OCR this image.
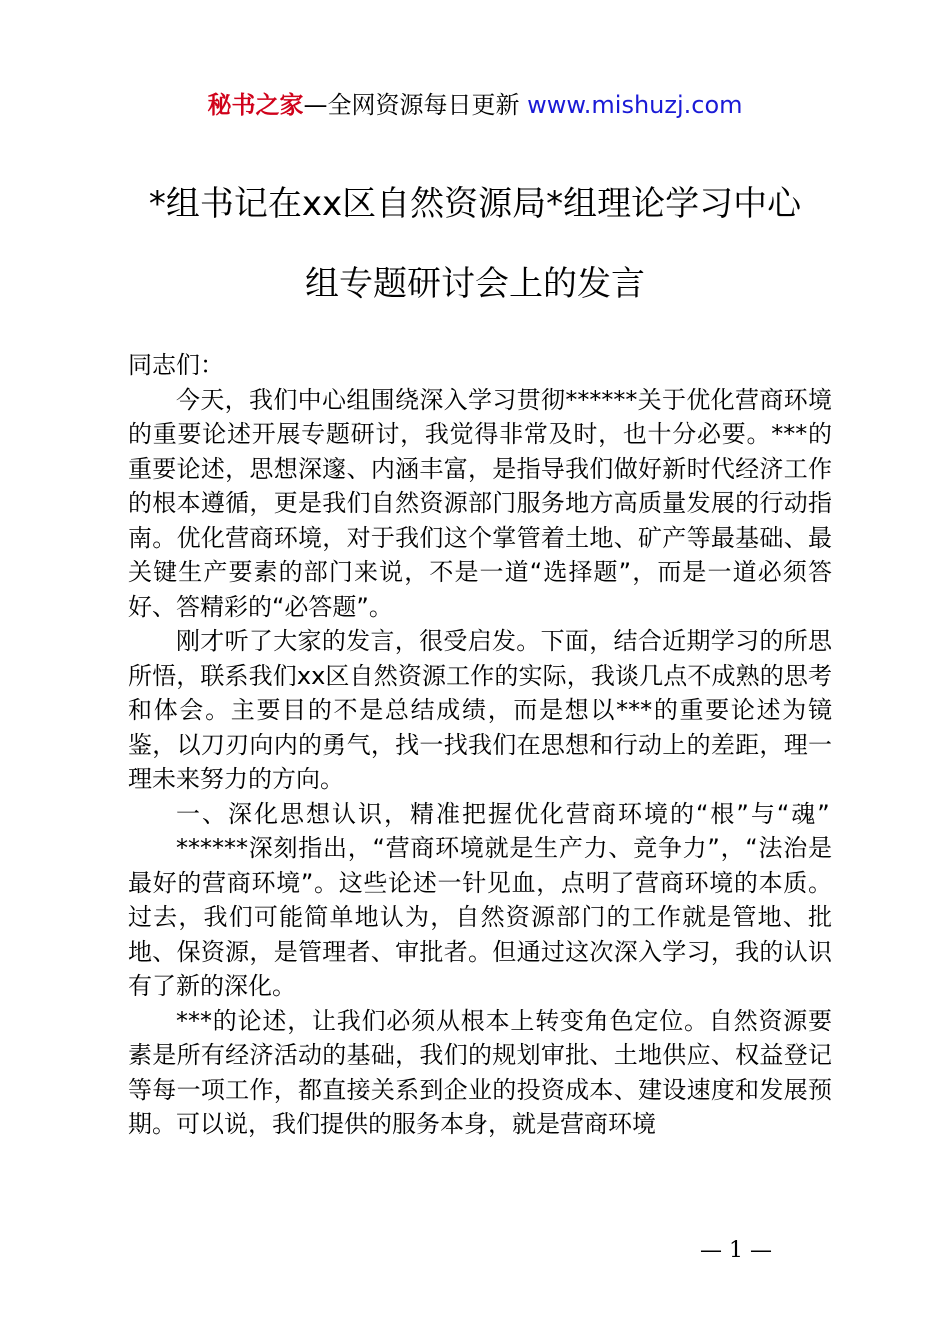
秘书之家—全网资源每日更新 www.mishuzj.com
*组书记在xx区自然资源局*组理论学习中心
组专题研讨会上的发言

同志们：

今天，我们中心组围绕深入学习贯彻******关于优化营商环境的重要论述开展专题研讨，我觉得非常及时，也十分必要。***的重要论述，思想深邃、内涵丰富，是指导我们做好新时代经济工作的根本遵循，更是我们自然资源部门服务地方高质量发展的行动指南。优化营商环境，对于我们这个掌管着土地、矿产等最基础、最关键生产要素的部门来说，不是一道“选择题”，而是一道必须答好、答精彩的“必答题”。

刚才听了大家的发言，很受启发。下面，结合近期学习的所思所悟，联系我们xx区自然资源工作的实际，我谈几点不成熟的思考和体会。主要目的不是总结成绩，而是想以***的重要论述为镜鉴，以刀刃向内的勇气，找一找我们在思想和行动上的差距，理一理未来努力的方向。

一、深化思想认识，精准把握优化营商环境的“根”与“魂”

******深刻指出，“营商环境就是生产力、竞争力”，“法治是最好的营商环境”。这些论述一针见血，点明了营商环境的本质。过去，我们可能简单地认为，自然资源部门的工作就是管地、批地、保资源，是管理者、审批者。但通过这次深入学习，我的认识有了新的深化。

***的论述，让我们必须从根本上转变角色定位。自然资源要素是所有经济活动的基础，我们的规划审批、土地供应、权益登记等每一项工作，都直接关系到企业的投资成本、建设速度和发展预期。可以说，我们提供的服务本身，就是营商环境

— 1 —
